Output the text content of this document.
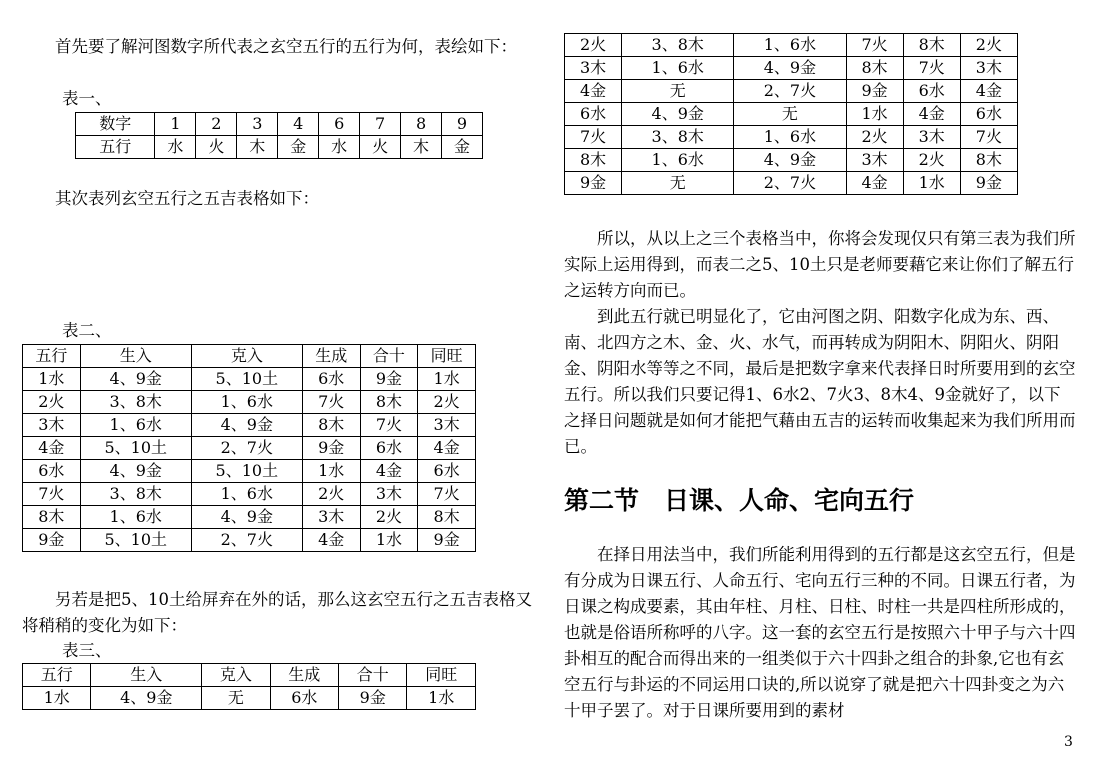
首先要了解河图数字所代表之玄空五行的五行为何，表绘如下：

表一、
数字	1	2	3	4	6	7	8	9
五行	水	火	木	金	水	火	木	金

其次表列玄空五行之五吉表格如下：

表二、
五行	生入	克入	生成	合十	同旺
1水	4、9金	5、10土	6水	9金	1水
2火	3、8木	1、6水	7火	8木	2火
3木	1、6水	4、9金	8木	7火	3木
4金	5、10土	2、7火	9金	6水	4金
6水	4、9金	5、10土	1水	4金	6水
7火	3、8木	1、6水	2火	3木	7火
8木	1、6水	4、9金	3木	2火	8木
9金	5、10土	2、7火	4金	1水	9金

另若是把5、10土给屏弃在外的话，那么这玄空五行之五吉表格又将稍稍的变化为如下：

表三、
五行	生入	克入	生成	合十	同旺
1水	4、9金	无	6水	9金	1水
2火	3、8木	1、6水	7火	8木	2火
3木	1、6水	4、9金	8木	7火	3木
4金	无	2、7火	9金	6水	4金
6水	4、9金	无	1水	4金	6水
7火	3、8木	1、6水	2火	3木	7火
8木	1、6水	4、9金	3木	2火	8木
9金	无	2、7火	4金	1水	9金

所以，从以上之三个表格当中，你将会发现仅只有第三表为我们所实际上运用得到，而表二之5、10土只是老师要藉它来让你们了解五行之运转方向而已。

到此五行就已明显化了，它由河图之阴、阳数字化成为东、西、南、北四方之木、金、火、水气，而再转成为阴阳木、阴阳火、阴阳金、阴阳水等等之不同，最后是把数字拿来代表择日时所要用到的玄空五行。所以我们只要记得1、6水2、7火3、8木4、9金就好了，以下之择日问题就是如何才能把气藉由五吉的运转而收集起来为我们所用而已。

第二节　日课、人命、宅向五行

在择日用法当中，我们所能利用得到的五行都是这玄空五行，但是有分成为日课五行、人命五行、宅向五行三种的不同。日课五行者，为日课之构成要素，其由年柱、月柱、日柱、时柱一共是四柱所形成的，也就是俗语所称呼的八字。这一套的玄空五行是按照六十甲子与六十四卦相互的配合而得出来的一组类似于六十四卦之组合的卦象,它也有玄空五行与卦运的不同运用口诀的,所以说穿了就是把六十四卦变之为六十甲子罢了。对于日课所要用到的素材

3
